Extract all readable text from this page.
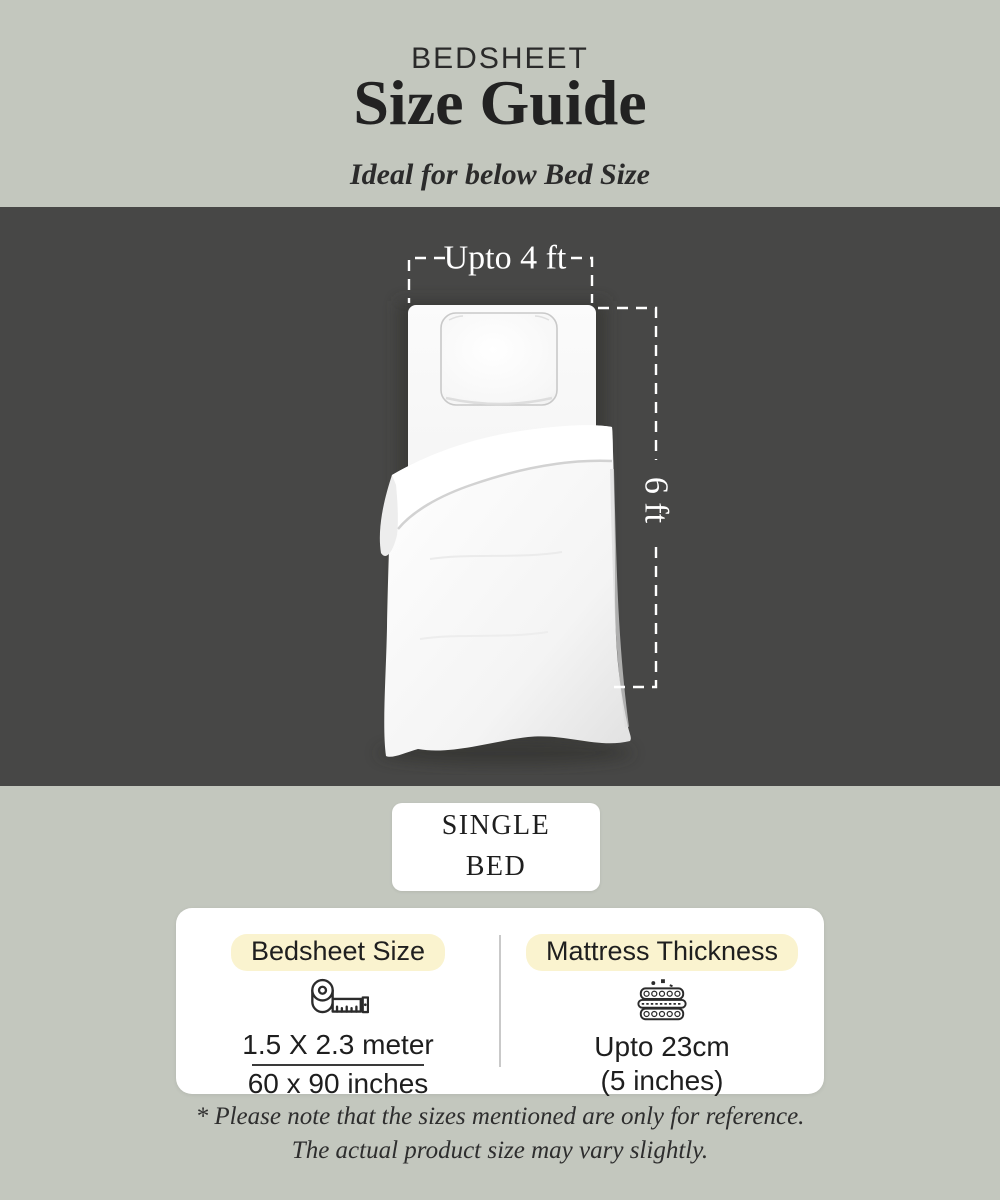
BEDSHEET
Size Guide
Ideal for below Bed Size
Upto 4 ft
6 ft
SINGLE
BED
Bedsheet Size
1.5 X 2.3 meter
60 x 90 inches
Mattress Thickness
Upto 23cm
(5 inches)
* Please note that the sizes mentioned are only for reference.
The actual product size may vary slightly.
